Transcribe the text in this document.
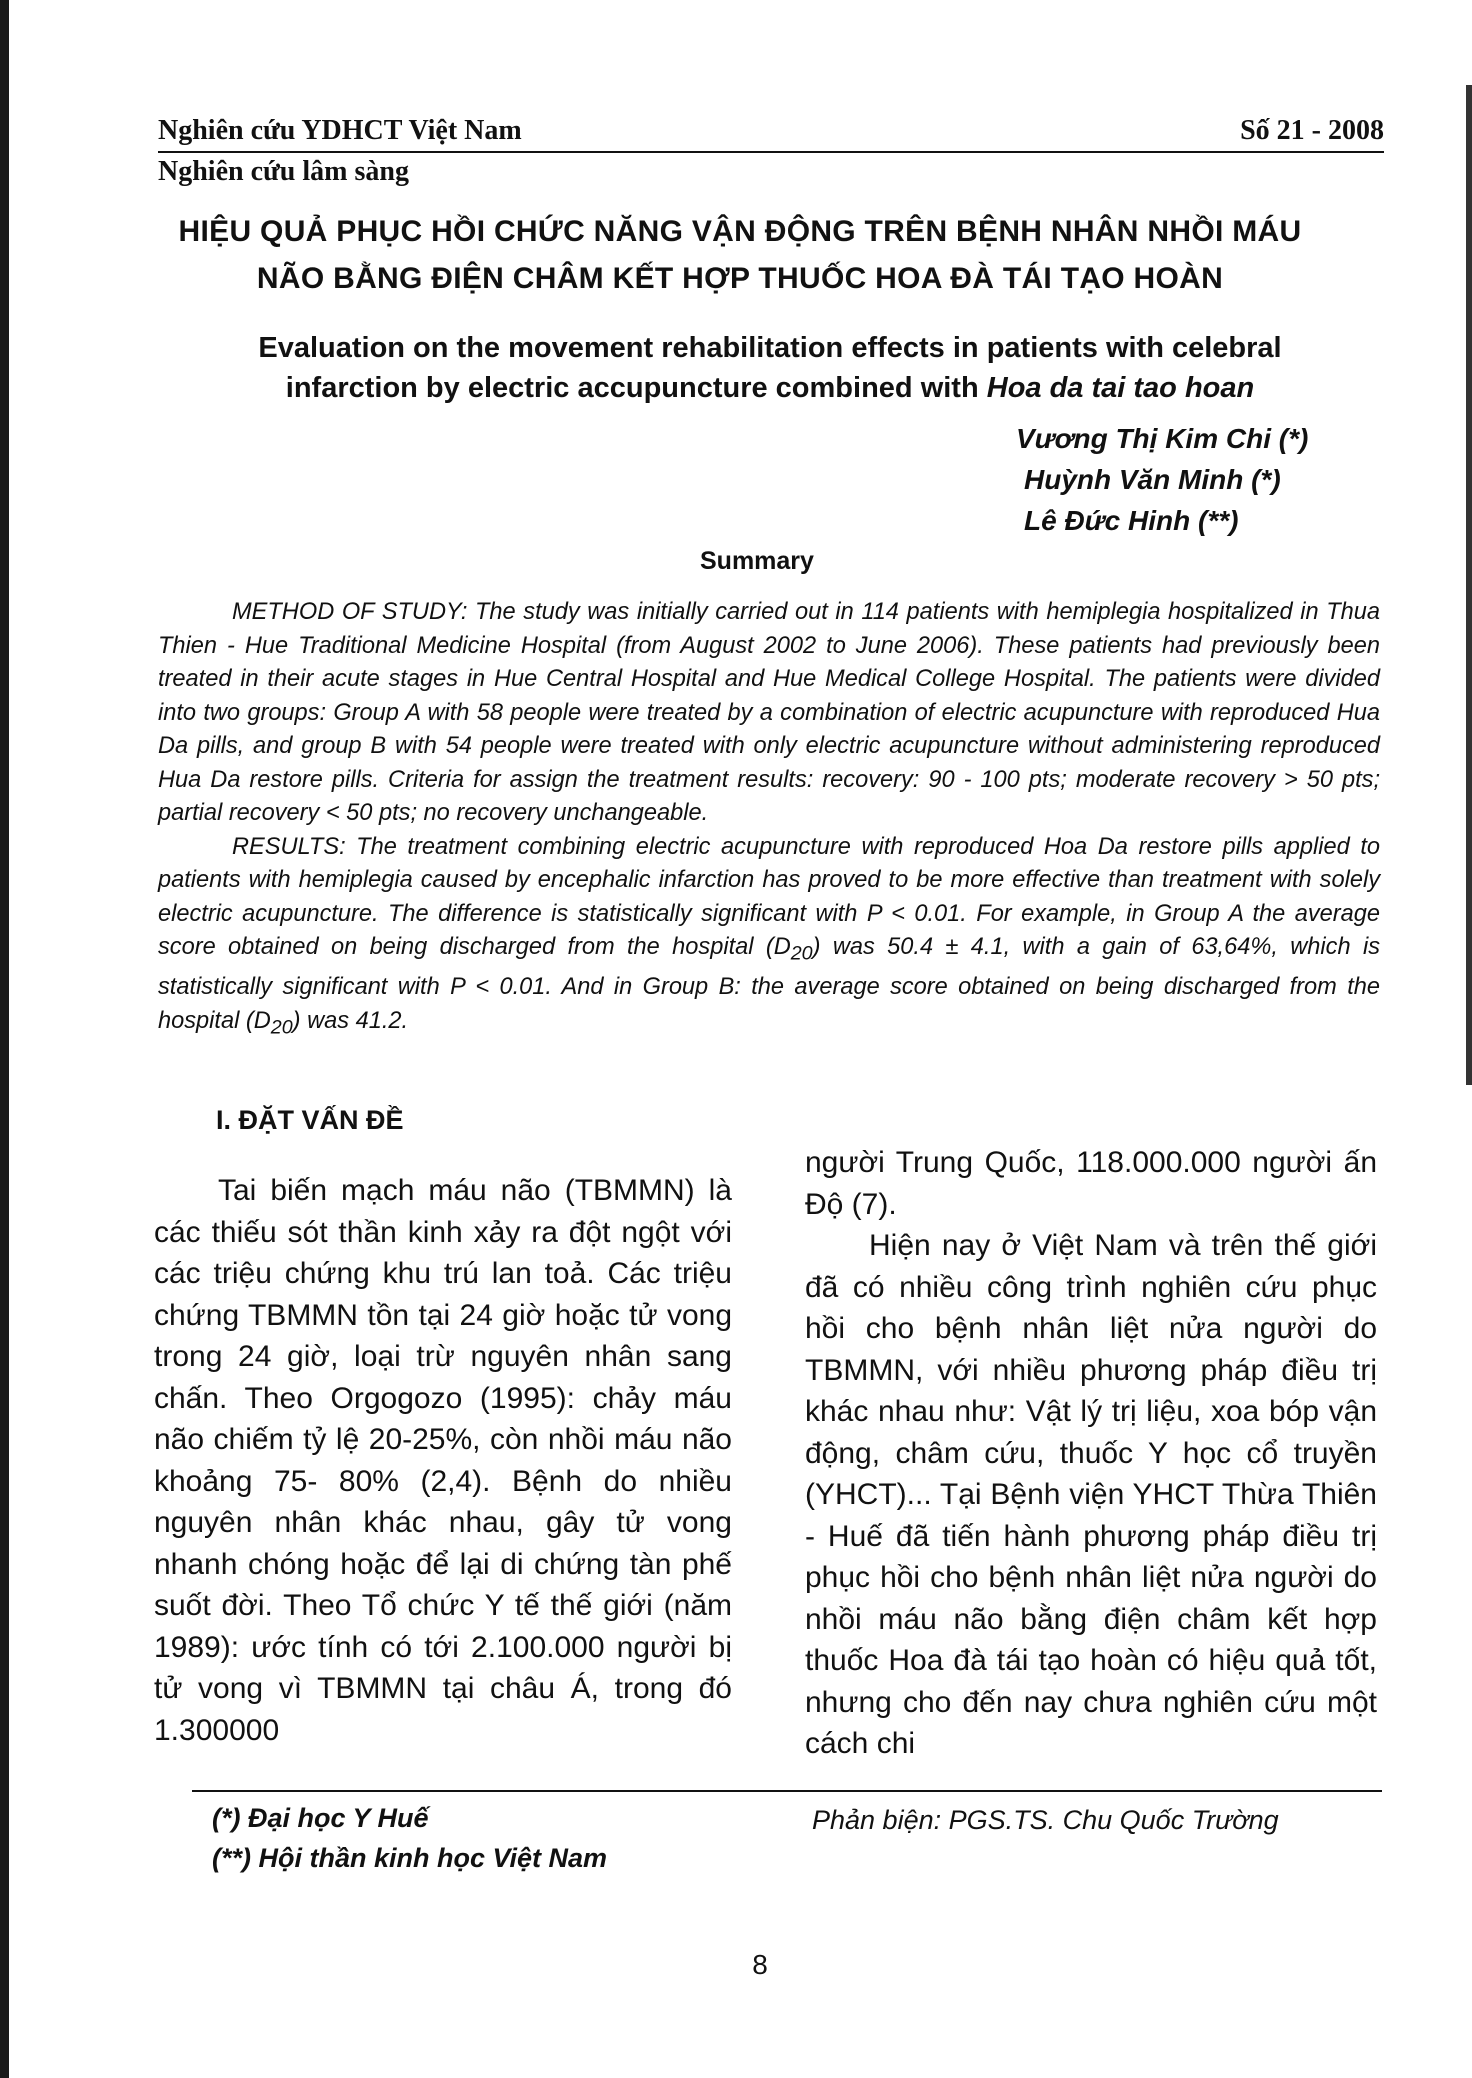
Nghiên cứu YDHCT Việt Nam	Số 21 - 2008
Nghiên cứu lâm sàng
HIỆU QUẢ PHỤC HỒI CHỨC NĂNG VẬN ĐỘNG TRÊN BỆNH NHÂN NHỒI MÁU
NÃO BẰNG ĐIỆN CHÂM KẾT HỢP THUỐC HOA ĐÀ TÁI TẠO HOÀN
Evaluation on the movement rehabilitation effects in patients with celebral
infarction by electric accupuncture combined with Hoa da tai tao hoan
Vương Thị Kim Chi (*)
Huỳnh Văn Minh (*)
Lê Đức Hinh (**)
Summary

METHOD OF STUDY: The study was initially carried out in 114 patients with hemiplegia hospitalized in Thua Thien - Hue Traditional Medicine Hospital (from August 2002 to June 2006). These patients had previously been treated in their acute stages in Hue Central Hospital and Hue Medical College Hospital. The patients were divided into two groups: Group A with 58 people were treated by a combination of electric acupuncture with reproduced Hua Da pills, and group B with 54 people were treated with only electric acupuncture without administering reproduced Hua Da restore pills. Criteria for assign the treatment results: recovery: 90 - 100 pts; moderate recovery > 50 pts; partial recovery < 50 pts; no recovery unchangeable.

RESULTS: The treatment combining electric acupuncture with reproduced Hoa Da restore pills applied to patients with hemiplegia caused by encephalic infarction has proved to be more effective than treatment with solely electric acupuncture. The difference is statistically significant with P < 0.01. For example, in Group A the average score obtained on being discharged from the hospital $(D_{20})$ was 50.4 ± 4.1, with a gain of 63,64%, which is statistically significant with P < 0.01. And in Group B: the average score obtained on being discharged from the hospital $(D_{20})$ was 41.2.

I. ĐẶT VẤN ĐỀ

Tai biến mạch máu não (TBMMN) là các thiếu sót thần kinh xảy ra đột ngột với các triệu chứng khu trú lan toả. Các triệu chứng TBMMN tồn tại 24 giờ hoặc tử vong trong 24 giờ, loại trừ nguyên nhân sang chấn. Theo Orgogozo (1995): chảy máu não chiếm tỷ lệ 20-25%, còn nhồi máu não khoảng 75- 80% (2,4). Bệnh do nhiều nguyên nhân khác nhau, gây tử vong nhanh chóng hoặc để lại di chứng tàn phế suốt đời. Theo Tổ chức Y tế thế giới (năm 1989): ước tính có tới 2.100.000 người bị tử vong vì TBMMN tại châu Á, trong đó 1.300000

người Trung Quốc, 118.000.000 người ấn Độ (7).

Hiện nay ở Việt Nam và trên thế giới đã có nhiều công trình nghiên cứu phục hồi cho bệnh nhân liệt nửa người do TBMMN, với nhiều phương pháp điều trị khác nhau như: Vật lý trị liệu, xoa bóp vận động, châm cứu, thuốc Y học cổ truyền (YHCT)... Tại Bệnh viện YHCT Thừa Thiên - Huế đã tiến hành phương pháp điều trị phục hồi cho bệnh nhân liệt nửa người do nhồi máu não bằng điện châm kết hợp thuốc Hoa đà tái tạo hoàn có hiệu quả tốt, nhưng cho đến nay chưa nghiên cứu một cách chi

(*) Đại học Y Huế
(**) Hội thần kinh học Việt Nam
Phản biện: PGS.TS. Chu Quốc Trường
8
